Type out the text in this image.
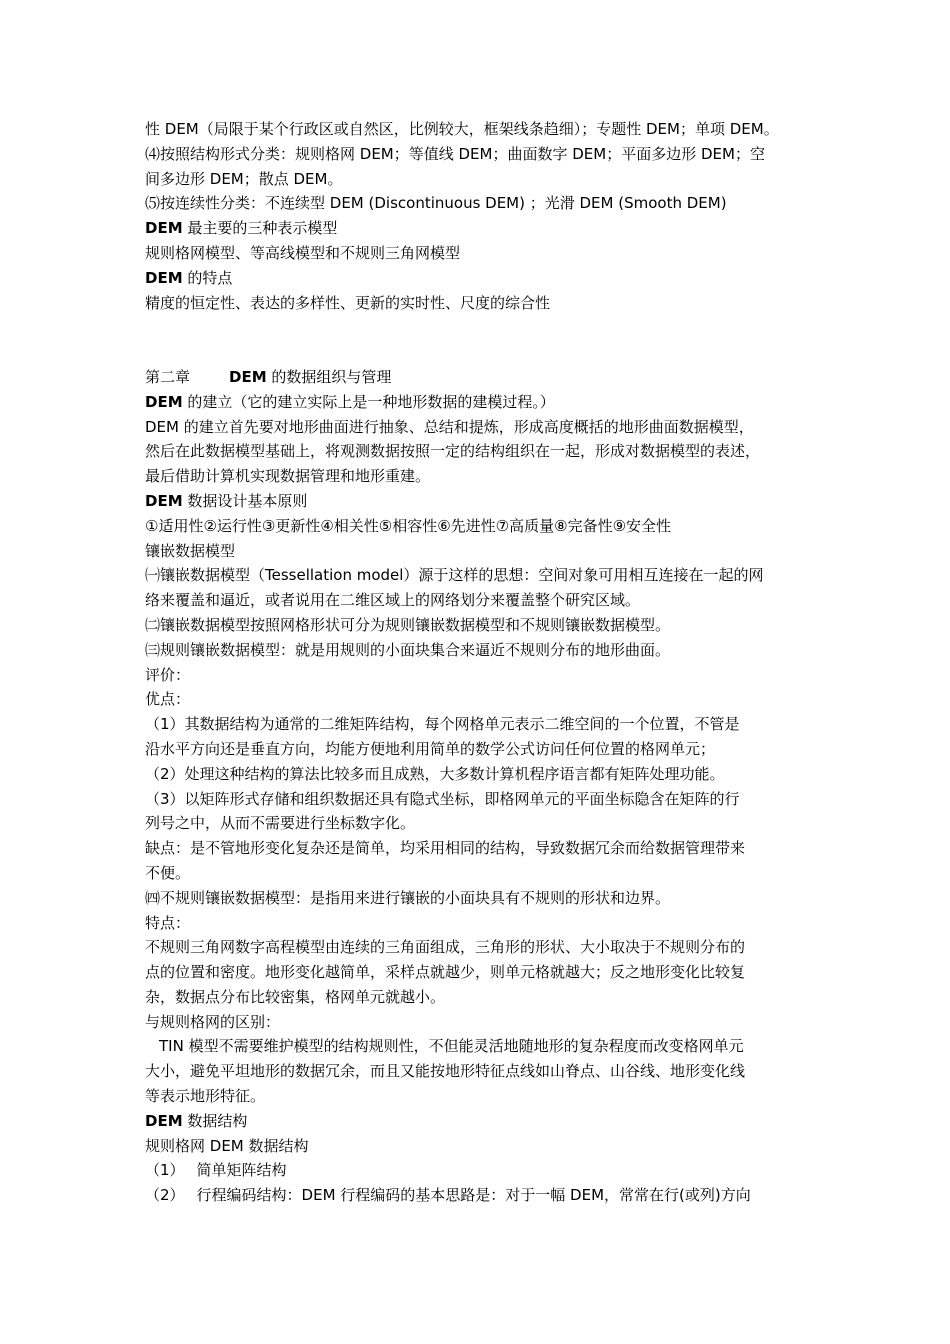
性 DEM（局限于某个行政区或自然区，比例较大，框架线条趋细）；专题性 DEM；单项 DEM。

⑷按照结构形式分类：规则格网 DEM；等值线 DEM；曲面数字 DEM；平面多边形 DEM；空

间多边形 DEM；散点 DEM。

⑸按连续性分类：不连续型 DEM (Discontinuous DEM) ；光滑 DEM (Smooth DEM)

DEM 最主要的三种表示模型

规则格网模型、等高线模型和不规则三角网模型

DEM 的特点

精度的恒定性、表达的多样性、更新的实时性、尺度的综合性

第二章	DEM 的数据组织与管理

DEM 的建立（它的建立实际上是一种地形数据的建模过程。）

DEM 的建立首先要对地形曲面进行抽象、总结和提炼，形成高度概括的地形曲面数据模型，

然后在此数据模型基础上，将观测数据按照一定的结构组织在一起，形成对数据模型的表述，

最后借助计算机实现数据管理和地形重建。

DEM 数据设计基本原则

①适用性②运行性③更新性④相关性⑤相容性⑥先进性⑦高质量⑧完备性⑨安全性

镶嵌数据模型

㈠镶嵌数据模型（Tessellation model）源于这样的思想：空间对象可用相互连接在一起的网

络来覆盖和逼近，或者说用在二维区域上的网络划分来覆盖整个研究区域。

㈡镶嵌数据模型按照网格形状可分为规则镶嵌数据模型和不规则镶嵌数据模型。

㈢规则镶嵌数据模型：就是用规则的小面块集合来逼近不规则分布的地形曲面。

评价：

优点：

（1）其数据结构为通常的二维矩阵结构，每个网格单元表示二维空间的一个位置，不管是

沿水平方向还是垂直方向，均能方便地利用简单的数学公式访问任何位置的格网单元；

（2）处理这种结构的算法比较多而且成熟，大多数计算机程序语言都有矩阵处理功能。

（3）以矩阵形式存储和组织数据还具有隐式坐标，即格网单元的平面坐标隐含在矩阵的行

列号之中，从而不需要进行坐标数字化。

缺点：是不管地形变化复杂还是简单，均采用相同的结构，导致数据冗余而给数据管理带来

不便。

㈣不规则镶嵌数据模型：是指用来进行镶嵌的小面块具有不规则的形状和边界。

特点：

不规则三角网数字高程模型由连续的三角面组成，三角形的形状、大小取决于不规则分布的

点的位置和密度。地形变化越简单，采样点就越少，则单元格就越大；反之地形变化比较复

杂，数据点分布比较密集，格网单元就越小。

与规则格网的区别：

TIN 模型不需要维护模型的结构规则性，不但能灵活地随地形的复杂程度而改变格网单元

大小，避免平坦地形的数据冗余，而且又能按地形特征点线如山脊点、山谷线、地形变化线

等表示地形特征。

DEM 数据结构

规则格网 DEM 数据结构

（1） 简单矩阵结构

（2） 行程编码结构：DEM 行程编码的基本思路是：对于一幅 DEM，常常在行(或列)方向
